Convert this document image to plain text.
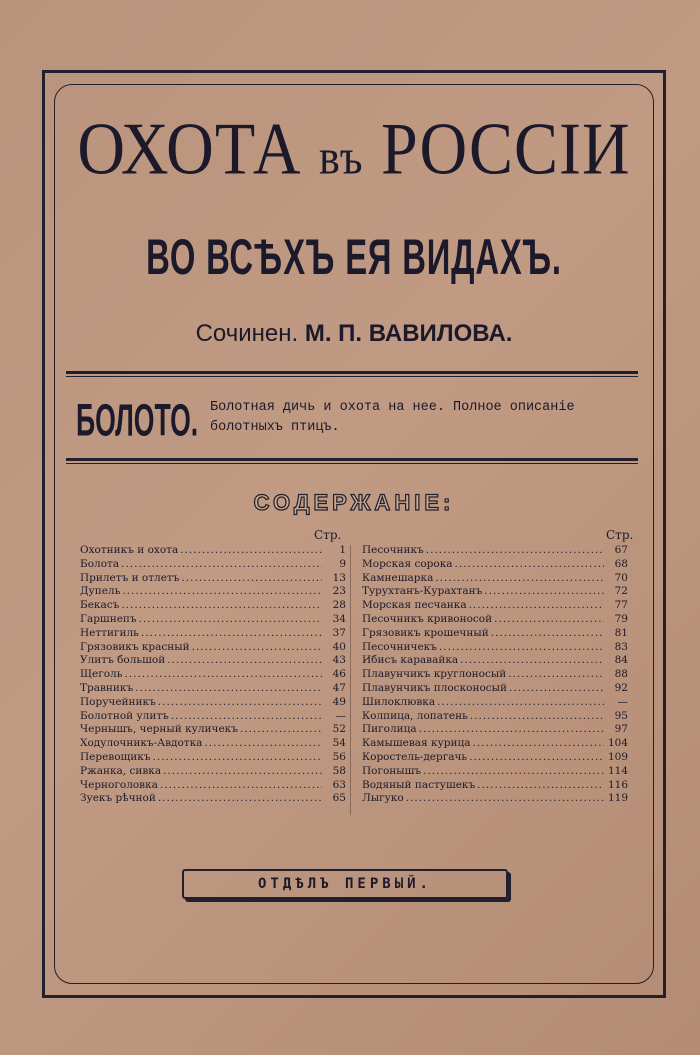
ОХОТА въ РОССIИ
ВО ВСѢХЪ ЕЯ ВИДАХЪ.
Сочинен. М. П. ВАВИЛОВА.
БОЛОТО. Болотная дичь и охота на нее. Полное описанiе болотныхъ птицъ.
СОДЕРЖАНIЕ:
Стр.	Стр.
Охотникъ и охота .....	1
Болота .....	9
Прилетъ и отлетъ .....	13
Дупель .....	23
Бекасъ .....	28
Гаршнепъ .....	34
Неттигиль .....	37
Грязовикъ красный .....	40
Улитъ большой .....	43
Щеголь .....	46
Травникъ .....	47
Поручейникъ .....	49
Болотной улитъ .....	—
Чернышъ, черный куличекъ .....	52
Ходулочникъ-Авдотка .....	54
Перевощикъ .....	56
Ржанка, сивка .....	58
Черноголовка .....	63
Зуекъ рѣчной .....	65
Песочникъ .....	67
Морская сорока .....	68
Камнешарка .....	70
Турухтанъ-Курахтанъ .....	72
Морская песчанка .....	77
Песочникъ кривоносой .....	79
Грязовикъ крошечный .....	81
Песочничекъ .....	83
Ибисъ каравайка .....	84
Плавунчикъ круглоносый .....	88
Плавунчикъ плосконосый .....	92
Шилоклювка .....	—
Колпица, лопатень .....	95
Пиголица .....	97
Камышевая курица .....	104
Коростель-дергачь .....	109
Погонышъ .....	114
Водяный пастушекъ .....	116
Лыгуко .....	119
ОТДѢЛЪ ПЕРВЫЙ.
